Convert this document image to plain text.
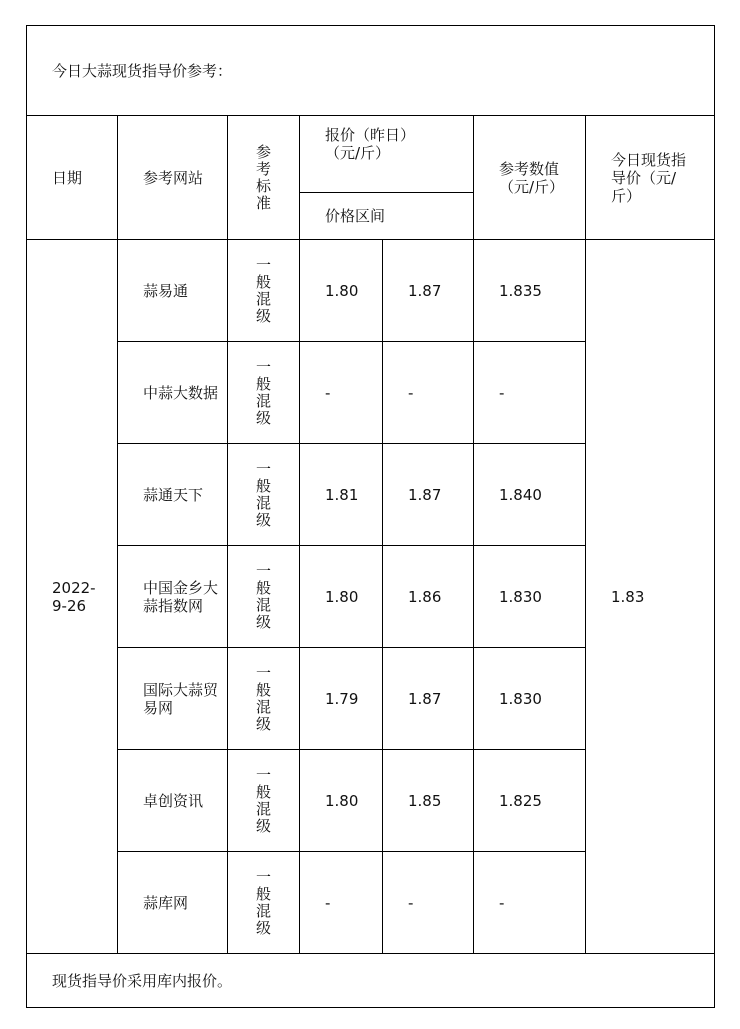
今日大蒜现货指导价参考：						
日期	参考网站	参考标准	报价（昨日）（元/斤）		参考数值（元/斤）	今日现货指导价（元/斤）

			价格区间			

2022-9-26	蒜易通	一般混级	1.80	1.87	1.835	1.83
	中蒜大数据	一般混级	-	-	-	
	蒜通天下	一般混级	1.81	1.87	1.840	
	中国金乡大蒜指数网	一般混级	1.80	1.86	1.830	
	国际大蒜贸易网	一般混级	1.79	1.87	1.830	
	卓创资讯	一般混级	1.80	1.85	1.825	
	蒜库网	一般混级	-	-	-	
现货指导价采用库内报价。						
